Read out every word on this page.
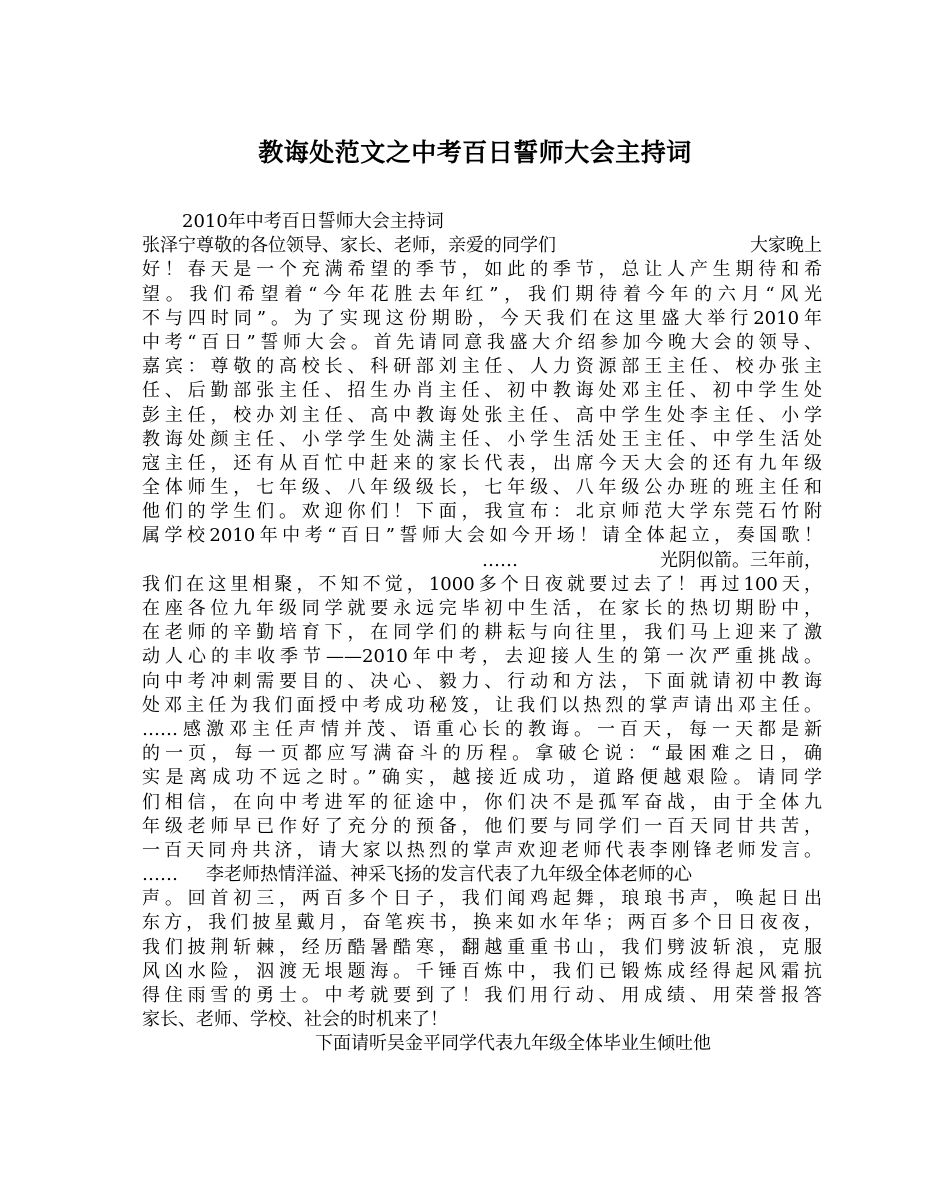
教诲处范文之中考百日誓师大会主持词

2010年中考百日誓师大会主持词

张泽宁尊敬的各位领导、家长、老师，亲爱的同学们	大家晚上

好！春天是一个充满希望的季节，如此的季节，总让人产生期待和希

望。我们希望着“今年花胜去年红”，我们期待着今年的六月“风光

不与四时同”。为了实现这份期盼，今天我们在这里盛大举行2010年

中考“百日”誓师大会。首先请同意我盛大介绍参加今晚大会的领导、

嘉宾：尊敬的高校长、科研部刘主任、人力资源部王主任、校办张主

任、后勤部张主任、招生办肖主任、初中教诲处邓主任、初中学生处

彭主任，校办刘主任、高中教诲处张主任、高中学生处李主任、小学

教诲处颜主任、小学学生处满主任、小学生活处王主任、中学生活处

寇主任，还有从百忙中赶来的家长代表，出席今天大会的还有九年级

全体师生，七年级、八年级级长，七年级、八年级公办班的班主任和

他们的学生们。欢迎你们！下面，我宣布：北京师范大学东莞石竹附

属学校2010年中考“百日”誓师大会如今开场！请全体起立，奏国歌！

……	光阴似箭。三年前，

我们在这里相聚，不知不觉，1000多个日夜就要过去了！再过100天，

在座各位九年级同学就要永远完毕初中生活，在家长的热切期盼中，

在老师的辛勤培育下，在同学们的耕耘与向往里，我们马上迎来了激

动人心的丰收季节——2010年中考，去迎接人生的第一次严重挑战。

向中考冲刺需要目的、决心、毅力、行动和方法，下面就请初中教诲

处邓主任为我们面授中考成功秘笈，让我们以热烈的掌声请出邓主任。

……感激邓主任声情并茂、语重心长的教诲。一百天，每一天都是新

的一页，每一页都应写满奋斗的历程。拿破仑说：“最困难之日，确

实是离成功不远之时。”确实，越接近成功，道路便越艰险。请同学

们相信，在向中考进军的征途中，你们决不是孤军奋战，由于全体九

年级老师早已作好了充分的预备，他们要与同学们一百天同甘共苦，

一百天同舟共济，请大家以热烈的掌声欢迎老师代表李刚锋老师发言。

……	李老师热情洋溢、神采飞扬的发言代表了九年级全体老师的心

声。回首初三，两百多个日子，我们闻鸡起舞，琅琅书声，唤起日出

东方，我们披星戴月，奋笔疾书，换来如水年华；两百多个日日夜夜，

我们披荆斩棘，经历酷暑酷寒，翻越重重书山，我们劈波斩浪，克服

风凶水险，泅渡无垠题海。千锤百炼中，我们已锻炼成经得起风霜抗

得住雨雪的勇士。中考就要到了！我们用行动、用成绩、用荣誉报答

家长、老师、学校、社会的时机来了！

下面请听吴金平同学代表九年级全体毕业生倾吐他
